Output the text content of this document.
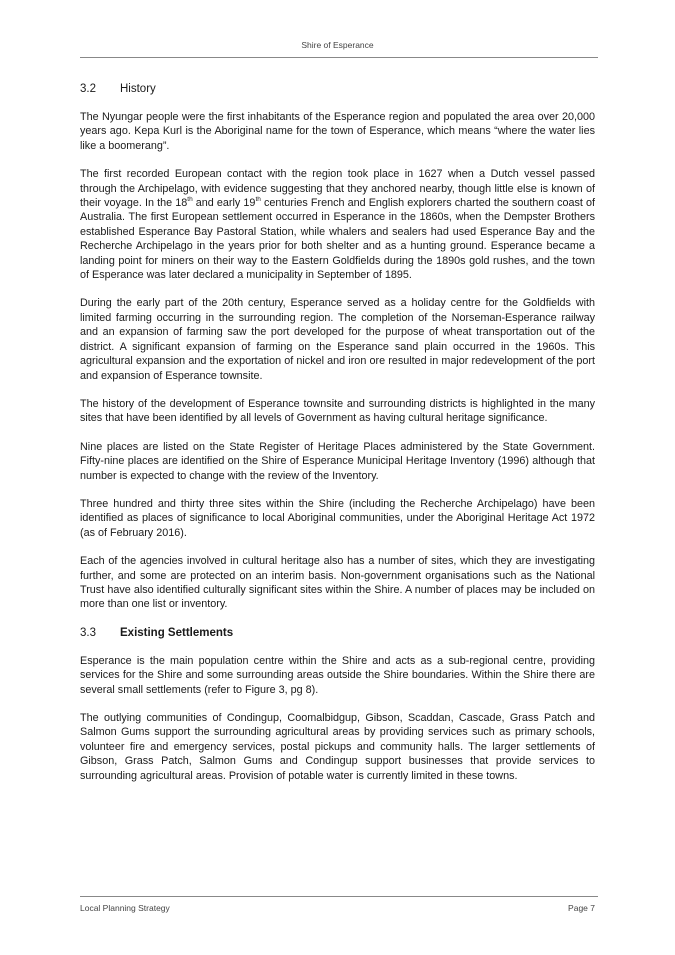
Shire of Esperance
3.2 History

The Nyungar people were the first inhabitants of the Esperance region and populated the area over 20,000 years ago. Kepa Kurl is the Aboriginal name for the town of Esperance, which means “where the water lies like a boomerang”.

The first recorded European contact with the region took place in 1627 when a Dutch vessel passed through the Archipelago, with evidence suggesting that they anchored nearby, though little else is known of their voyage. In the 18th and early 19th centuries French and English explorers charted the southern coast of Australia. The first European settlement occurred in Esperance in the 1860s, when the Dempster Brothers established Esperance Bay Pastoral Station, while whalers and sealers had used Esperance Bay and the Recherche Archipelago in the years prior for both shelter and as a hunting ground. Esperance became a landing point for miners on their way to the Eastern Goldfields during the 1890s gold rushes, and the town of Esperance was later declared a municipality in September of 1895.

During the early part of the 20th century, Esperance served as a holiday centre for the Goldfields with limited farming occurring in the surrounding region. The completion of the Norseman-Esperance railway and an expansion of farming saw the port developed for the purpose of wheat transportation out of the district. A significant expansion of farming on the Esperance sand plain occurred in the 1960s. This agricultural expansion and the exportation of nickel and iron ore resulted in major redevelopment of the port and expansion of Esperance townsite.

The history of the development of Esperance townsite and surrounding districts is highlighted in the many sites that have been identified by all levels of Government as having cultural heritage significance.

Nine places are listed on the State Register of Heritage Places administered by the State Government. Fifty-nine places are identified on the Shire of Esperance Municipal Heritage Inventory (1996) although that number is expected to change with the review of the Inventory.

Three hundred and thirty three sites within the Shire (including the Recherche Archipelago) have been identified as places of significance to local Aboriginal communities, under the Aboriginal Heritage Act 1972 (as of February 2016).

Each of the agencies involved in cultural heritage also has a number of sites, which they are investigating further, and some are protected on an interim basis. Non-government organisations such as the National Trust have also identified culturally significant sites within the Shire. A number of places may be included on more than one list or inventory.

3.3 Existing Settlements

Esperance is the main population centre within the Shire and acts as a sub-regional centre, providing services for the Shire and some surrounding areas outside the Shire boundaries. Within the Shire there are several small settlements (refer to Figure 3, pg 8).

The outlying communities of Condingup, Coomalbidgup, Gibson, Scaddan, Cascade, Grass Patch and Salmon Gums support the surrounding agricultural areas by providing services such as primary schools, volunteer fire and emergency services, postal pickups and community halls. The larger settlements of Gibson, Grass Patch, Salmon Gums and Condingup support businesses that provide services to surrounding agricultural areas. Provision of potable water is currently limited in these towns.

Local Planning Strategy	Page 7
